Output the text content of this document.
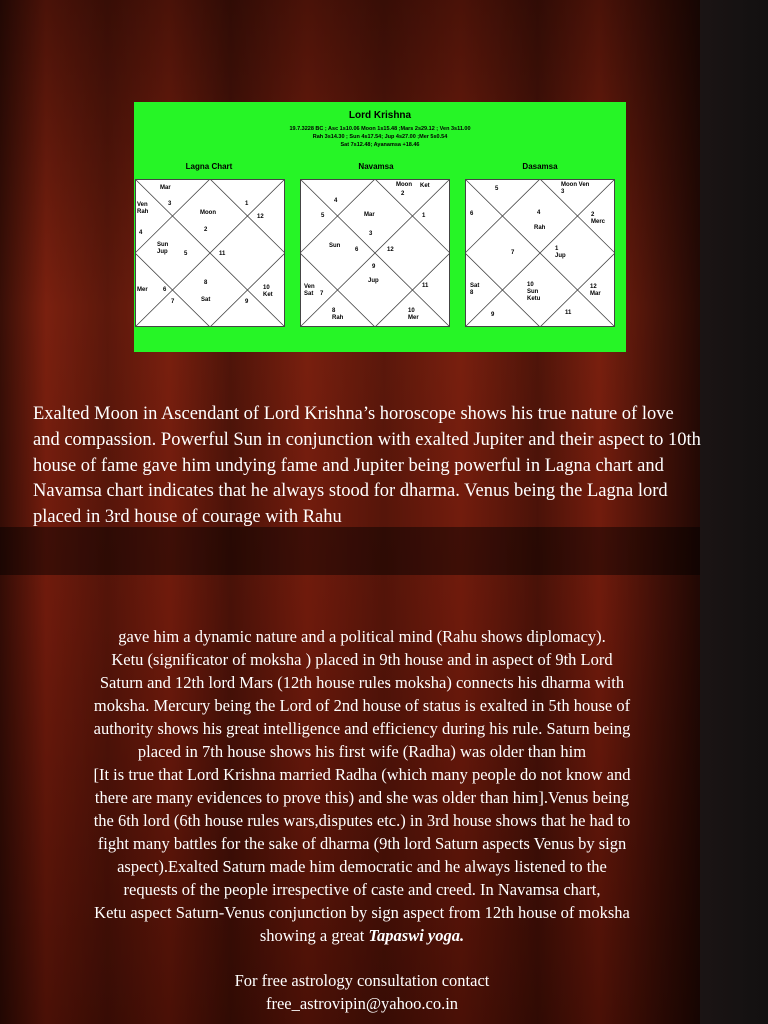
Lord Krishna
19.7.3228 BC ; Asc 1s10.06 Moon 1s15.48 ;Mars 2s29.12 ; Ven 3s11.00
Rah 3s14.30 ; Sun 4s17.54; Jup 4s27.00 ;Mer 5s0.54
Sat 7s12.48; Ayanamsa +18.46
Lagna Chart	Navamsa	Dasamsa
Mar
Ven
Rah
3
Moon
1
12
4	2
Sun
Jup	5	11
8
Mer	6
7	Sat	9
10
Ket
Moon Ket
2
4
5	Mar	1
3
Sun
6	12
9
Jup
Ven
Sat 7
11
8
Rah
10
Mer
5
Moon Ven
3
6	4	2
Merc
Rah
7
1
Jup
Sat
8
10
Sun
Ketu
12
Mar
9	11
Exalted Moon in Ascendant of Lord Krishna’s horoscope shows his true nature of love and compassion. Powerful Sun in conjunction with exalted Jupiter and their aspect to 10th house of fame gave him undying fame and Jupiter being powerful in Lagna chart and Navamsa chart indicates that he always stood for dharma. Venus being the Lagna lord placed in 3rd house of courage with Rahu
gave him a dynamic nature and a political mind (Rahu shows diplomacy).
Ketu (significator of moksha ) placed in 9th house and in aspect of 9th Lord
Saturn and 12th lord Mars (12th house rules moksha) connects his dharma with
moksha. Mercury being the Lord of 2nd house of status is exalted in 5th house of
authority shows his great intelligence and efficiency during his rule. Saturn being
placed in 7th house shows his first wife (Radha) was older than him
[It is true that Lord Krishna married Radha (which many people do not know and
there are many evidences to prove this) and she was older than him].Venus being
the 6th lord (6th house rules wars,disputes etc.) in 3rd house shows that he had to
fight many battles for the sake of dharma (9th lord Saturn aspects Venus by sign
aspect).Exalted Saturn made him democratic and he always listened to the
requests of the people irrespective of caste and creed. In Navamsa chart,
Ketu aspect Saturn-Venus conjunction by sign aspect from 12th house of moksha
showing a great Tapaswi yoga.
For free astrology consultation contact
free_astrovipin@yahoo.co.in
